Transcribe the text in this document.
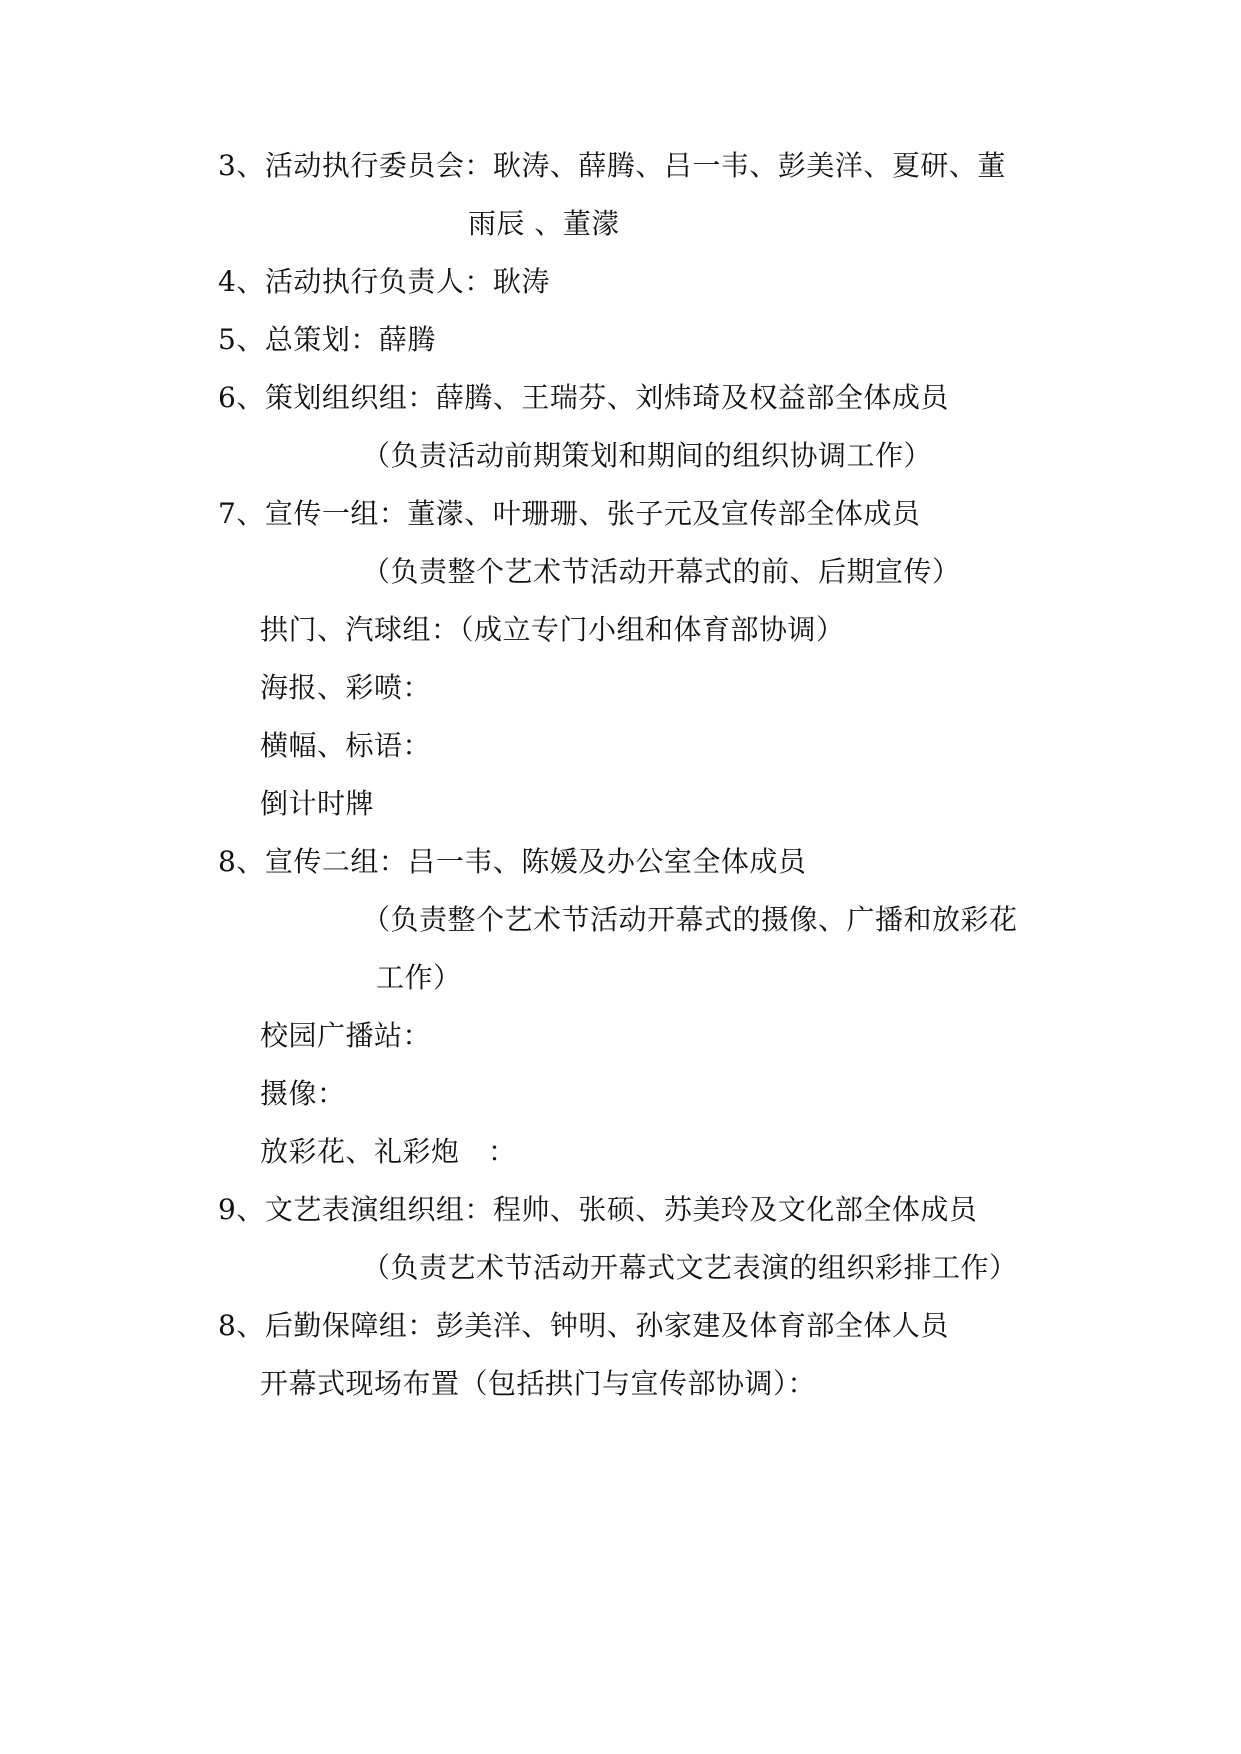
3、活动执行委员会：耿涛、薛腾、吕一韦、彭美洋、夏研、董
雨辰 、董濛
4、活动执行负责人：耿涛
5、总策划：薛腾
6、策划组织组：薛腾、王瑞芬、刘炜琦及权益部全体成员
（负责活动前期策划和期间的组织协调工作）
7、宣传一组：董濛、叶珊珊、张子元及宣传部全体成员
（负责整个艺术节活动开幕式的前、后期宣传）
拱门、汽球组：（成立专门小组和体育部协调）
海报、彩喷：
横幅、标语：
倒计时牌
8、宣传二组：吕一韦、陈媛及办公室全体成员
（负责整个艺术节活动开幕式的摄像、广播和放彩花
工作）
校园广播站：
摄像：
放彩花、礼彩炮　：
9、文艺表演组织组：程帅、张硕、苏美玲及文化部全体成员
（负责艺术节活动开幕式文艺表演的组织彩排工作）
8、后勤保障组：彭美洋、钟明、孙家建及体育部全体人员
开幕式现场布置（包括拱门与宣传部协调）：
